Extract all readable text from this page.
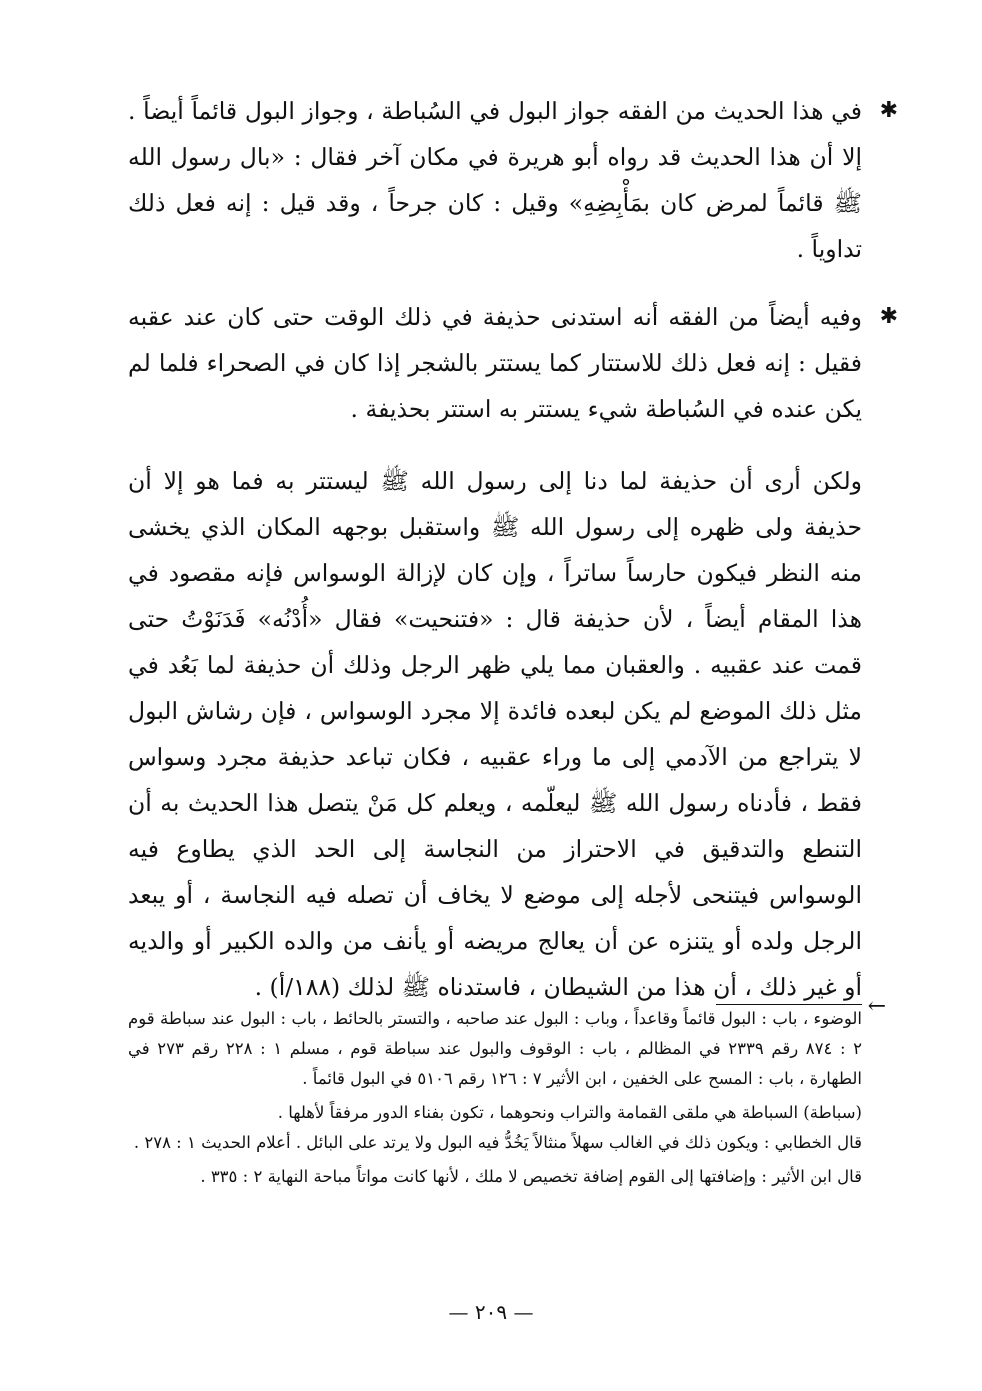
✱
في هذا الحديث من الفقه جواز البول في السُباطة ، وجواز البول قائماً أيضاً . إلا أن هذا الحديث قد رواه أبو هريرة في مكان آخر فقال : «بال رسول الله ﷺ قائماً لمرض كان بمَأْبِضِهِ» وقيل : كان جرحاً ، وقد قيل : إنه فعل ذلك تداوياً .
✱
وفيه أيضاً من الفقه أنه استدنى حذيفة في ذلك الوقت حتى كان عند عقبه فقيل : إنه فعل ذلك للاستتار كما يستتر بالشجر إذا كان في الصحراء فلما لم يكن عنده في السُباطة شيء يستتر به استتر بحذيفة .

ولكن أرى أن حذيفة لما دنا إلى رسول الله ﷺ ليستتر به فما هو إلا أن حذيفة ولى ظهره إلى رسول الله ﷺ واستقبل بوجهه المكان الذي يخشى منه النظر فيكون حارساً ساتراً ، وإن كان لإزالة الوسواس فإنه مقصود في هذا المقام أيضاً ، لأن حذيفة قال : «فتنحيت» فقال «أُدْنُه» فَدَنَوْتُ حتى قمت عند عقبيه . والعقبان مما يلي ظهر الرجل وذلك أن حذيفة لما بَعُد في مثل ذلك الموضع لم يكن لبعده فائدة إلا مجرد الوسواس ، فإن رشاش البول لا يتراجع من الآدمي إلى ما وراء عقبيه ، فكان تباعد حذيفة مجرد وسواس فقط ، فأدناه رسول الله ﷺ ليعلّمه ، ويعلم كل مَنْ يتصل هذا الحديث به أن التنطع والتدقيق في الاحتراز من النجاسة إلى الحد الذي يطاوع فيه الوسواس فيتنحى لأجله إلى موضع لا يخاف أن تصله فيه النجاسة ، أو يبعد الرجل ولده أو يتنزه عن أن يعالج مريضه أو يأنف من والده الكبير أو والديه أو غير ذلك ، أن هذا من الشيطان ، فاستدناه ﷺ لذلك (١٨٨/أ) .

←

الوضوء ، باب : البول قائماً وقاعداً ، وباب : البول عند صاحبه ، والتستر بالحائط ، باب : البول عند سباطة قوم ٢ : ٨٧٤ رقم ٢٣٣٩ في المظالم ، باب : الوقوف والبول عند سباطة قوم ، مسلم ١ : ٢٢٨ رقم ٢٧٣ في الطهارة ، باب : المسح على الخفين ، ابن الأثير ٧ : ١٢٦ رقم ٥١٠٦ في البول قائماً .

(سباطة) السباطة هي ملقى القمامة والتراب ونحوهما ، تكون بفناء الدور مرفقاً لأهلها .

قال الخطابي : ويكون ذلك في الغالب سهلاً منثالاً يَخُدُّ فيه البول ولا يرتد على البائل . أعلام الحديث ١ : ٢٧٨ .

قال ابن الأثير : وإضافتها إلى القوم إضافة تخصيص لا ملك ، لأنها كانت مواتاً مباحة النهاية ٢ : ٣٣٥ .

— ٢٠٩ —
